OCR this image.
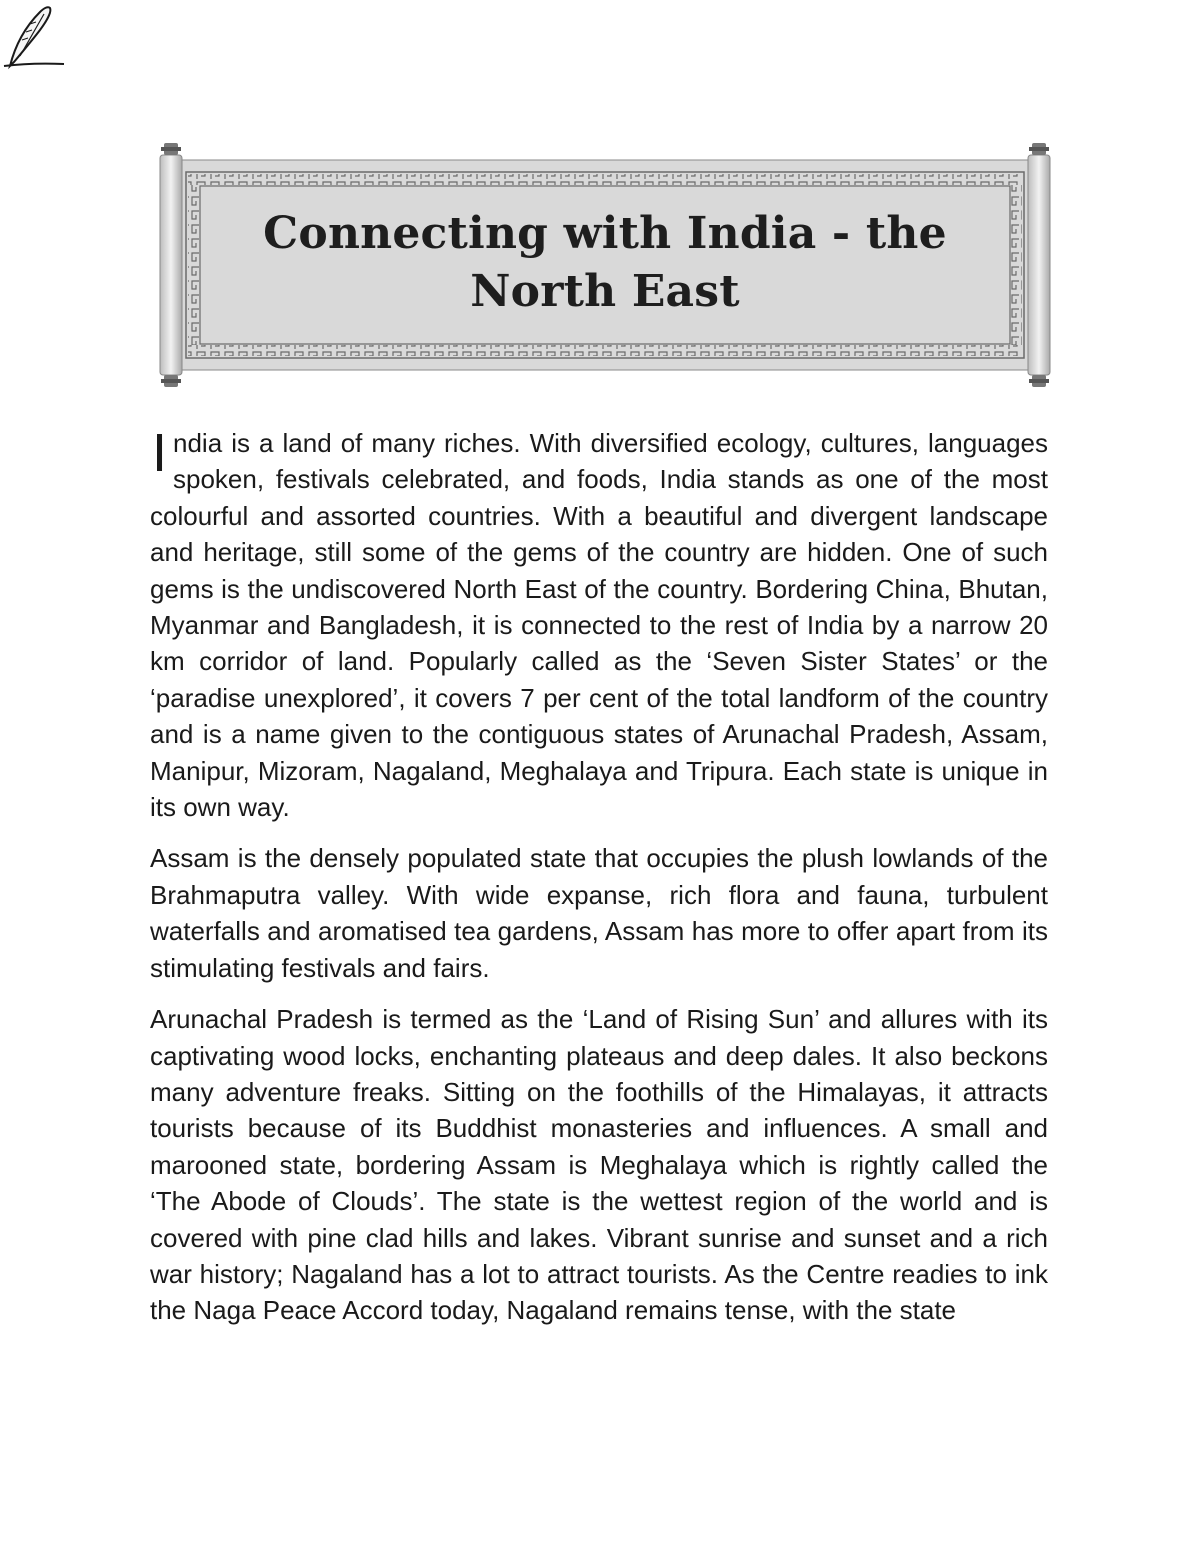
Connecting with India - the
North East

India is a land of many riches. With diversified ecology, cultures, languages spoken, festivals celebrated, and foods, India stands as one of the most colourful and assorted countries. With a beautiful and divergent landscape and heritage, still some of the gems of the country are hidden. One of such gems is the undiscovered North East of the country. Bordering China, Bhutan, Myanmar and Bangladesh, it is connected to the rest of India by a narrow 20 km corridor of land. Popularly called as the ‘Seven Sister States’ or the ‘paradise unexplored’, it covers 7 per cent of the total landform of the country and is a name given to the contiguous states of Arunachal Pradesh, Assam, Manipur, Mizoram, Nagaland, Meghalaya and Tripura. Each state is unique in its own way.

Assam is the densely populated state that occupies the plush lowlands of the Brahmaputra valley. With wide expanse, rich flora and fauna, turbulent waterfalls and aromatised tea gardens, Assam has more to offer apart from its stimulating festivals and fairs.

Arunachal Pradesh is termed as the ‘Land of Rising Sun’ and allures with its captivating wood locks, enchanting plateaus and deep dales. It also beckons many adventure freaks. Sitting on the foothills of the Himalayas, it attracts tourists because of its Buddhist monasteries and influences. A small and marooned state, bordering Assam is Meghalaya which is rightly called the ‘The Abode of Clouds’. The state is the wettest region of the world and is covered with pine clad hills and lakes. Vibrant sunrise and sunset and a rich war history; Nagaland has a lot to attract tourists. As the Centre readies to ink the Naga Peace Accord today, Nagaland remains tense, with the state
